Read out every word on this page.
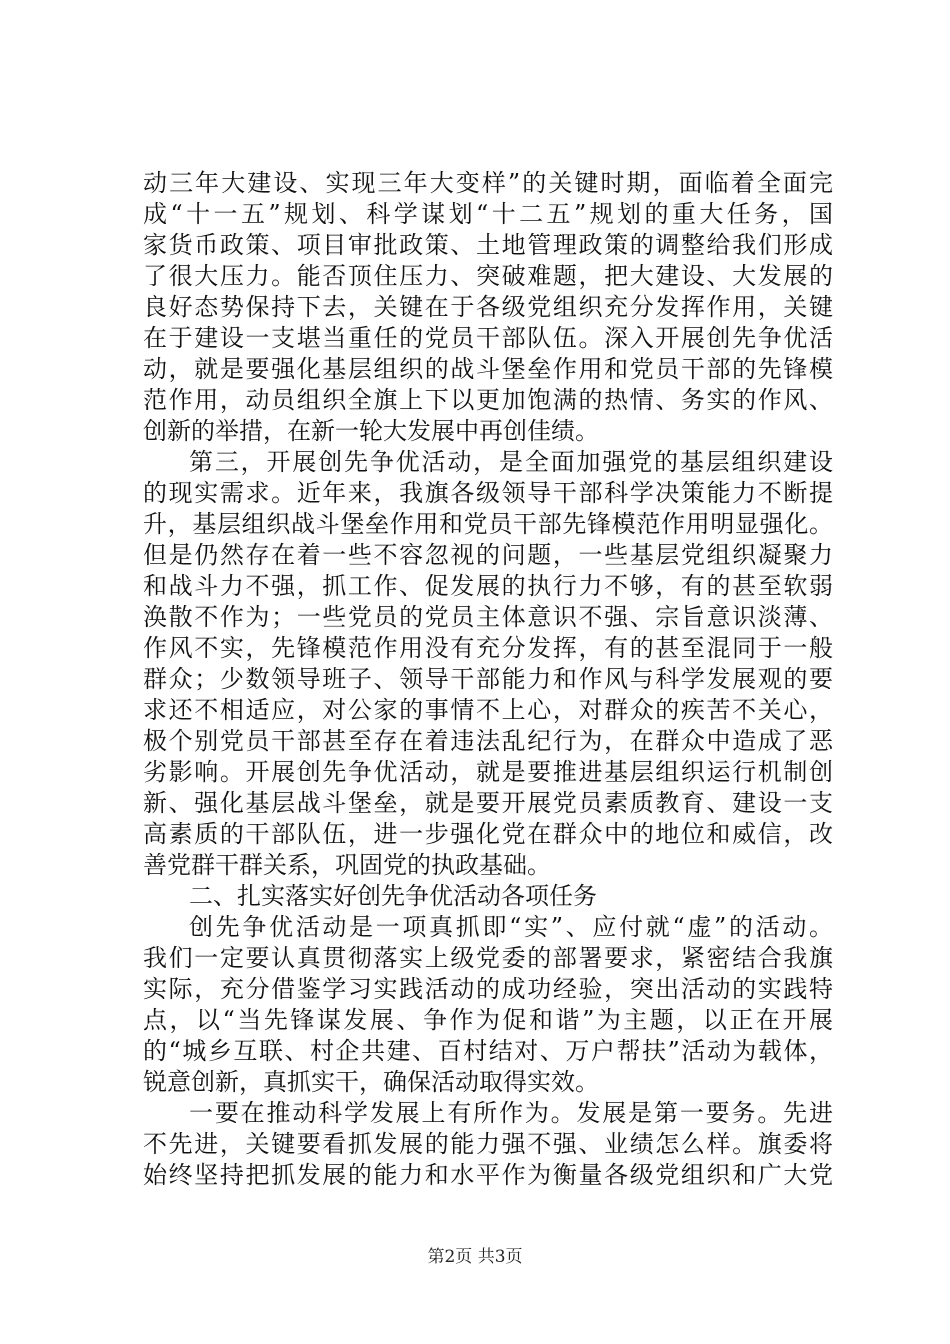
动三年大建设、实现三年大变样”的关键时期，面临着全面完
成“十一五”规划、科学谋划“十二五”规划的重大任务，国
家货币政策、项目审批政策、土地管理政策的调整给我们形成
了很大压力。能否顶住压力、突破难题，把大建设、大发展的
良好态势保持下去，关键在于各级党组织充分发挥作用，关键
在于建设一支堪当重任的党员干部队伍。深入开展创先争优活
动，就是要强化基层组织的战斗堡垒作用和党员干部的先锋模
范作用，动员组织全旗上下以更加饱满的热情、务实的作风、
创新的举措，在新一轮大发展中再创佳绩。
第三，开展创先争优活动，是全面加强党的基层组织建设
的现实需求。近年来，我旗各级领导干部科学决策能力不断提
升，基层组织战斗堡垒作用和党员干部先锋模范作用明显强化。
但是仍然存在着一些不容忽视的问题，一些基层党组织凝聚力
和战斗力不强，抓工作、促发展的执行力不够，有的甚至软弱
涣散不作为；一些党员的党员主体意识不强、宗旨意识淡薄、
作风不实，先锋模范作用没有充分发挥，有的甚至混同于一般
群众；少数领导班子、领导干部能力和作风与科学发展观的要
求还不相适应，对公家的事情不上心，对群众的疾苦不关心，
极个别党员干部甚至存在着违法乱纪行为，在群众中造成了恶
劣影响。开展创先争优活动，就是要推进基层组织运行机制创
新、强化基层战斗堡垒，就是要开展党员素质教育、建设一支
高素质的干部队伍，进一步强化党在群众中的地位和威信，改
善党群干群关系，巩固党的执政基础。
二、扎实落实好创先争优活动各项任务
创先争优活动是一项真抓即“实”、应付就“虚”的活动。
我们一定要认真贯彻落实上级党委的部署要求，紧密结合我旗
实际，充分借鉴学习实践活动的成功经验，突出活动的实践特
点，以“当先锋谋发展、争作为促和谐”为主题，以正在开展
的“城乡互联、村企共建、百村结对、万户帮扶”活动为载体，
锐意创新，真抓实干，确保活动取得实效。
一要在推动科学发展上有所作为。发展是第一要务。先进
不先进，关键要看抓发展的能力强不强、业绩怎么样。旗委将
始终坚持把抓发展的能力和水平作为衡量各级党组织和广大党
第2页 共3页
